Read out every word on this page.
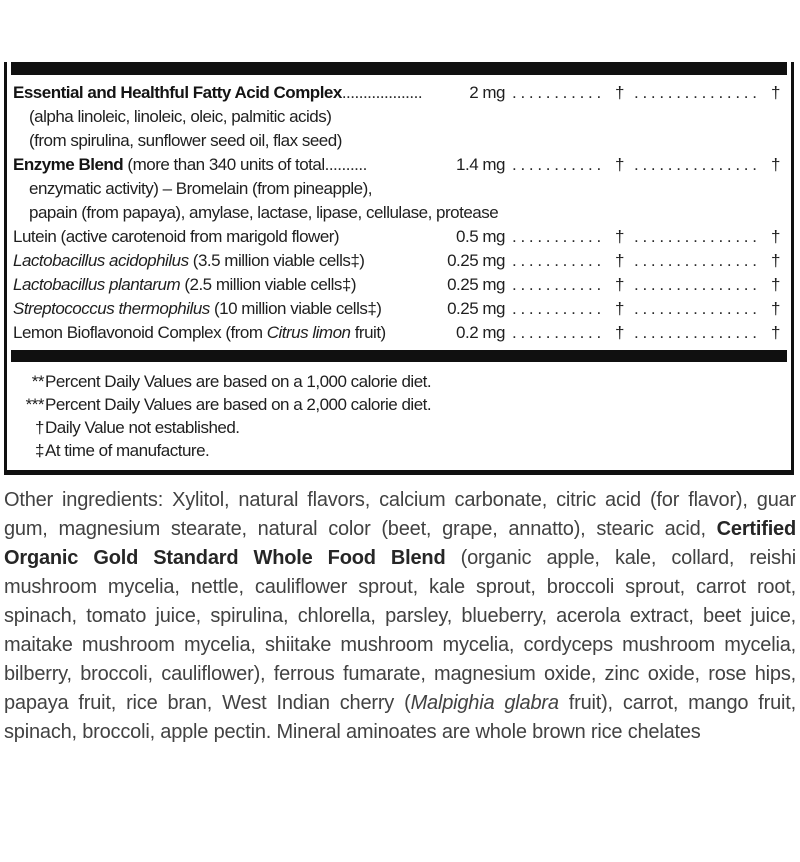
Essential and Healthful Fatty Acid Complex ...................	2 mg . . . . . . . . . . . † . . . . . . . . . . . . . . . †
(alpha linoleic, linoleic, oleic, palmitic acids)
(from spirulina, sunflower seed oil, flax seed)
Enzyme Blend (more than 340 units of total ..........	1.4 mg . . . . . . . . . . . † . . . . . . . . . . . . . . . †
enzymatic activity) – Bromelain (from pineapple),
papain (from papaya), amylase, lactase, lipase, cellulase, protease
Lutein (active carotenoid from marigold flower)	0.5 mg . . . . . . . . . . . † . . . . . . . . . . . . . . . †
Lactobacillus acidophilus (3.5 million viable cells‡)	0.25 mg . . . . . . . . . . . † . . . . . . . . . . . . . . . †
Lactobacillus plantarum (2.5 million viable cells‡)	0.25 mg . . . . . . . . . . . † . . . . . . . . . . . . . . . †
Streptococcus thermophilus (10 million viable cells‡)	0.25 mg . . . . . . . . . . . † . . . . . . . . . . . . . . . †
Lemon Bioflavonoid Complex (from Citrus limon fruit)	0.2 mg . . . . . . . . . . . † . . . . . . . . . . . . . . . †
** Percent Daily Values are based on a 1,000 calorie diet.
*** Percent Daily Values are based on a 2,000 calorie diet.
† Daily Value not established.
‡ At time of manufacture.

Other ingredients: Xylitol, natural flavors, calcium carbonate, citric acid (for flavor), guar gum, magnesium stearate, natural color (beet, grape, annatto), stearic acid, Certified Organic Gold Standard Whole Food Blend (organic apple, kale, collard, reishi mushroom mycelia, nettle, cauliflower sprout, kale sprout, broccoli sprout, carrot root, spinach, tomato juice, spirulina, chlorella, parsley, blueberry, acerola extract, beet juice, maitake mushroom mycelia, shiitake mushroom mycelia, cordyceps mushroom mycelia, bilberry, broccoli, cauliflower), ferrous fumarate, magnesium oxide, zinc oxide, rose hips, papaya fruit, rice bran, West Indian cherry (Malpighia glabra fruit), carrot, mango fruit, spinach, broccoli, apple pectin. Mineral aminoates are whole brown rice chelates
